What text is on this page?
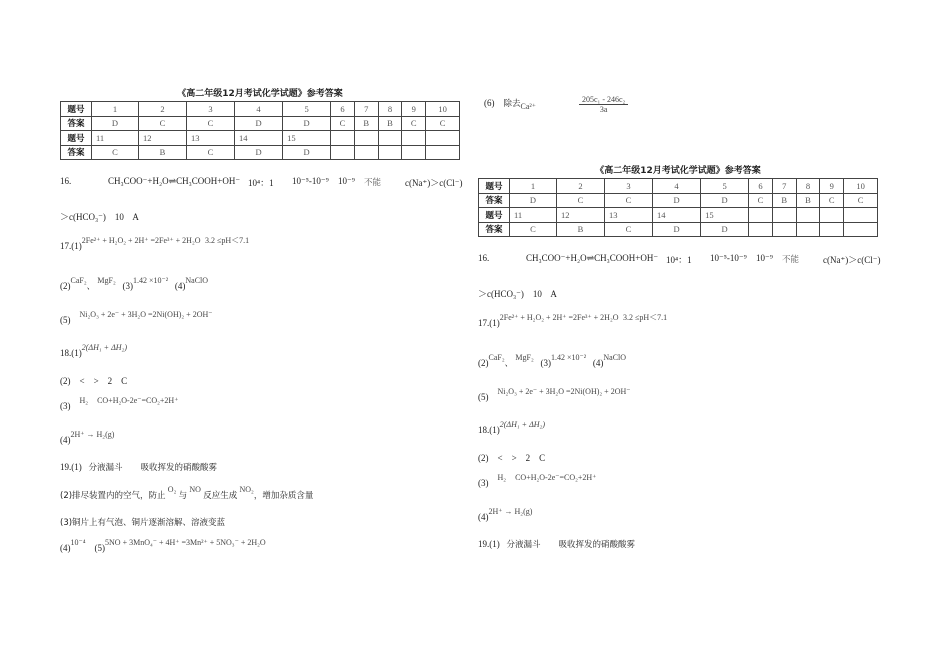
(6) 除去Ca²⁺	$\frac{\text{205c₁ - 246c₂}}{3a}$
《高二年级12月考试化学试题》参考答案
题号	1	2	3	4	5	6	7	8	9	10
答案	D	C	C	D	D	C	B	B	C	C
题号	11	12	13	14	15					
答案	C	B	C	D	D					
16.	CH₃COO⁻+H₂O⇌CH₃COOH+OH⁻ 10⁴：1 10⁻⁵-10⁻⁹ 10⁻⁹ 不能	c(Na⁺)＞c(Cl⁻)
＞c(HCO₃⁻) 10 A
17.(1)2Fe²⁺ + H₂O₂ + 2H⁺ =2Fe³⁺ + 2H₂O 3.2 ≤pH＜7.1
(2)CaF₂、 MgF₂   (3)1.42 ×10⁻²   (4)NaClO
(5)    Ni₂O₃ + 2e⁻ + 3H₂O =2Ni(OH)₂ + 2OH⁻
18.(1)2(ΔH₁ + ΔH₂)
(2) <    >    2    C
(3)    H₂ CO+H₂O-2e⁻=CO₂+2H⁺
(4)2H⁺ → H₂(g)
19.(1) 分液漏斗 吸收挥发的硝酸酸雾
(2)排尽装置内的空气，防止 O₂ 与 NO 反应生成 NO₂，增加杂质含量
(3)铜片上有气泡、铜片逐渐溶解、溶液变蓝
(4)10⁻⁴    (5)5NO + 3MnO₄⁻ + 4H⁺ =3Mn²⁺ + 5NO₃⁻ + 2H₂O
《高二年级12月考试化学试题》参考答案
题号	1	2	3	4	5	6	7	8	9	10
答案	D	C	C	D	D	C	B	B	C	C
题号	11	12	13	14	15					
答案	C	B	C	D	D					
16.	CH₃COO⁻+H₂O⇌CH₃COOH+OH⁻ 10⁴：1 10⁻⁵-10⁻⁹ 10⁻⁹ 不能	c(Na⁺)＞c(Cl⁻)
＞c(HCO₃⁻) 10 A
17.(1)2Fe²⁺ + H₂O₂ + 2H⁺ =2Fe³⁺ + 2H₂O 3.2 ≤pH＜7.1
(2)CaF₂、 MgF₂   (3)1.42 ×10⁻²   (4)NaClO
(5)    Ni₂O₃ + 2e⁻ + 3H₂O =2Ni(OH)₂ + 2OH⁻
18.(1)2(ΔH₁ + ΔH₂)
(2) <    >    2    C
(3)    H₂ CO+H₂O-2e⁻=CO₂+2H⁺
(4)2H⁺ → H₂(g)
19.(1) 分液漏斗 吸收挥发的硝酸酸雾
